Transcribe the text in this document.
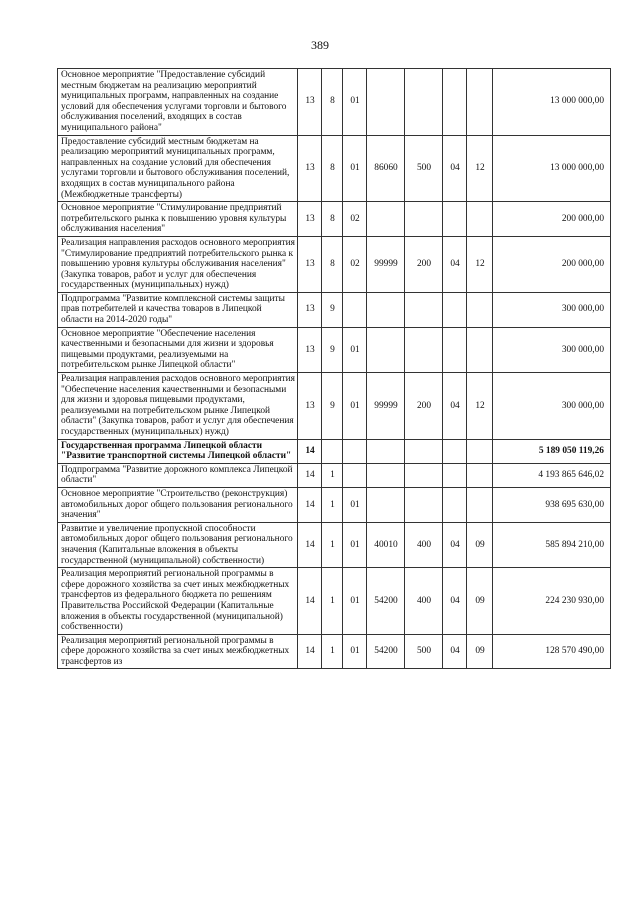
389
Основное мероприятие "Предоставление субсидий местным бюджетам на реализацию мероприятий муниципальных программ, направленных на создание условий для обеспечения услугами торговли и бытового обслуживания поселений, входящих в состав муниципального района"	13	8	01					13 000 000,00
Предоставление субсидий местным бюджетам на реализацию мероприятий муниципальных программ, направленных на создание условий для обеспечения услугами торговли и бытового обслуживания поселений, входящих в состав муниципального района (Межбюджетные трансферты)	13	8	01	86060	500	04	12	13 000 000,00
Основное мероприятие "Стимулирование предприятий потребительского рынка к повышению уровня культуры обслуживания населения"	13	8	02					200 000,00
Реализация направления расходов основного мероприятия "Стимулирование предприятий потребительского рынка к повышению уровня культуры обслуживания населения" (Закупка товаров, работ и услуг для обеспечения государственных (муниципальных) нужд)	13	8	02	99999	200	04	12	200 000,00
Подпрограмма "Развитие комплексной системы защиты прав потребителей и качества товаров в Липецкой области на 2014-2020 годы"	13	9						300 000,00
Основное мероприятие "Обеспечение населения качественными и безопасными для жизни и здоровья пищевыми продуктами, реализуемыми на потребительском рынке Липецкой области"	13	9	01					300 000,00
Реализация направления расходов основного мероприятия "Обеспечение населения качественными и безопасными для жизни и здоровья пищевыми продуктами, реализуемыми на потребительском рынке Липецкой области" (Закупка товаров, работ и услуг для обеспечения государственных (муниципальных) нужд)	13	9	01	99999	200	04	12	300 000,00
Государственная программа Липецкой области "Развитие транспортной системы Липецкой области"	14							5 189 050 119,26
Подпрограмма "Развитие дорожного комплекса Липецкой области"	14	1						4 193 865 646,02
Основное мероприятие "Строительство (реконструкция) автомобильных дорог общего пользования регионального значения"	14	1	01					938 695 630,00
Развитие и увеличение пропускной способности автомобильных дорог общего пользования регионального значения (Капитальные вложения в объекты государственной (муниципальной) собственности)	14	1	01	40010	400	04	09	585 894 210,00
Реализация мероприятий региональной программы в сфере дорожного хозяйства за счет иных межбюджетных трансфертов из федерального бюджета по решениям Правительства Российской Федерации (Капитальные вложения в объекты государственной (муниципальной) собственности)	14	1	01	54200	400	04	09	224 230 930,00
Реализация мероприятий региональной программы в сфере дорожного хозяйства за счет иных межбюджетных трансфертов из	14	1	01	54200	500	04	09	128 570 490,00
